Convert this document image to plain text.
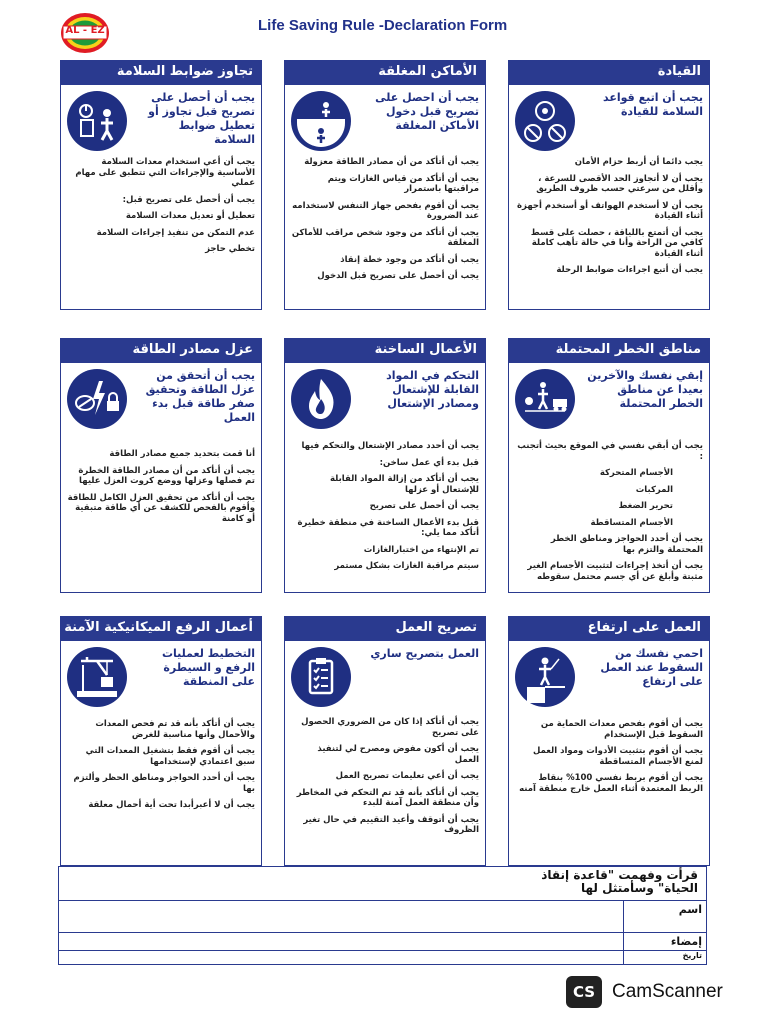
AL - EZ	Life Saving Rule -Declaration Form
تجاوز ضوابط السلامة
يجب أن أحصل على تصريح قبل تجاوز أو تعطيل ضوابط السلامة
يجب أن أعي استخدام معدات السلامة الأساسية والإجراءات التي تتطبق على مهام عملي
يجب أن أحصل على تصريح قبل:
تعطيل أو تعديل معدات السلامة
عدم التمكن من تنفيذ إجراءات السلامة
تخطي حاجز
الأماكن المغلقة
يجب أن احصل على تصريح قبل دخول الأماكن المغلقة
يجب أن أتأكد من أن مصادر الطاقة معزولة
يجب أن أتأكد من قياس الغازات ويتم مراقبتها باستمرار
يجب أن أقوم بفحص جهاز التنفس لاستخدامه عند الضرورة
يجب أن أتأكد من وجود شخص مراقب للأماكن المغلقة
يجب أن أتأكد من وجود خطة إنقاذ
يجب أن أحصل على تصريح قبل الدخول
القيادة
يجب أن اتبع قواعد السلامة للقيادة
يجب دائما أن أربط حزام الأمان
يجب أن لا أتجاوز الحد الأقصى للسرعة ، وأقلل من سرعتي حسب ظروف الطريق
يجب أن لا أستخدم الهواتف أو أستخدم أجهزة أثناء القيادة
يجب أن أتمتع باللياقة ، حصلت على قسط كافي من الراحة وأنا في حالة تأهب كاملة أثناء القيادة
يجب أن أتبع اجراءات ضوابط الرحلة
عزل مصادر الطاقة
يجب أن أتحقق من عزل الطاقة وتحقيق صفر طاقة قبل بدء العمل
أنا قمت بتحديد جميع مصادر الطاقة
يجب أن أتأكد من أن مصادر الطاقة الخطرة تم فصلها وعزلها ووضع كروت العزل عليها
يجب أن أتأكد من تحقيق العزل الكامل للطاقة وأقوم بالفحص للكشف عن أي طاقة متبقية أو كامنة
الأعمال الساخنة
التحكم في المواد القابلة للإشتعال ومصادر الإشتعال
يجب أن أحدد مصادر الإشتعال والتحكم فيها
قبل بدء أي عمل ساخن:
يجب أن أتأكد من إزالة المواد القابلة للإشتعال أو عزلها
يجب أن أحصل على تصريح
قبل بدء الأعمال الساخنة في منطقة خطيرة أتأكد مما يلي:
تم الإنتهاء من اختبارالغازات
سيتم مراقبة الغازات بشكل مستمر
مناطق الخطر المحتملة
إبقي نفسك والآخرين بعيدا عن مناطق الخطر المحتملة
يجب أن أبقي نفسي في الموقع بحيث أتجنب :
الأجسام المتحركة
المركبات
تحرير الضغط
الأجسام المتساقطة
يجب أن أحدد الحواجز ومناطق الخطر المحتملة والتزم بها
يجب أن أتخذ إجراءات لتثبيت الأجسام الغير مثبتة وأبلغ عن أي جسم محتمل سقوطه
أعمال الرفع الميكانيكية الآمنة
التخطيط لعمليات الرفع و السيطرة على المنطقة
يجب أن أتأكد بأنه قد تم فحص المعدات والأحمال وأنها مناسبة للغرض
يجب أن أقوم فقط بتشغيل المعدات التي سبق اعتمادي لإستخدامها
يجب أن أحدد الحواجز ومناطق الحظر وألتزم بها
يجب أن لا أعبرأبدا تحت أية أحمال معلقة
تصريح العمل
العمل بتصريح ساري
يجب أن أتأكد إذا كان من الضروري الحصول على تصريح
يجب أن أكون مفوض ومصرح لي لتنفيذ العمل
يجب أن أعي تعليمات تصريح العمل
يجب أن أتأكد بأنه قد تم التحكم في المخاطر وأن منطقة العمل آمنة للبدء
يجب أن أتوقف وأعيد التقييم في حال تغير الظروف
العمل على ارتفاع
احمي نفسك من السقوط عند العمل على ارتفاع
يجب أن أقوم بفحص معدات الحماية من السقوط قبل الإستخدام
يجب أن أقوم بتثبيت الأدوات ومواد العمل لمنع الأجسام المتساقطة
يجب أن أقوم بربط نفسي 100% بنقاط الربط المعتمدة أثناء العمل خارج منطقة آمنه
قرأت وفهمت "قاعدة إنقاذ الحياة" وسأمتثل لها	
	اسم
	إمضاء
	تاريخ
CS CamScanner
